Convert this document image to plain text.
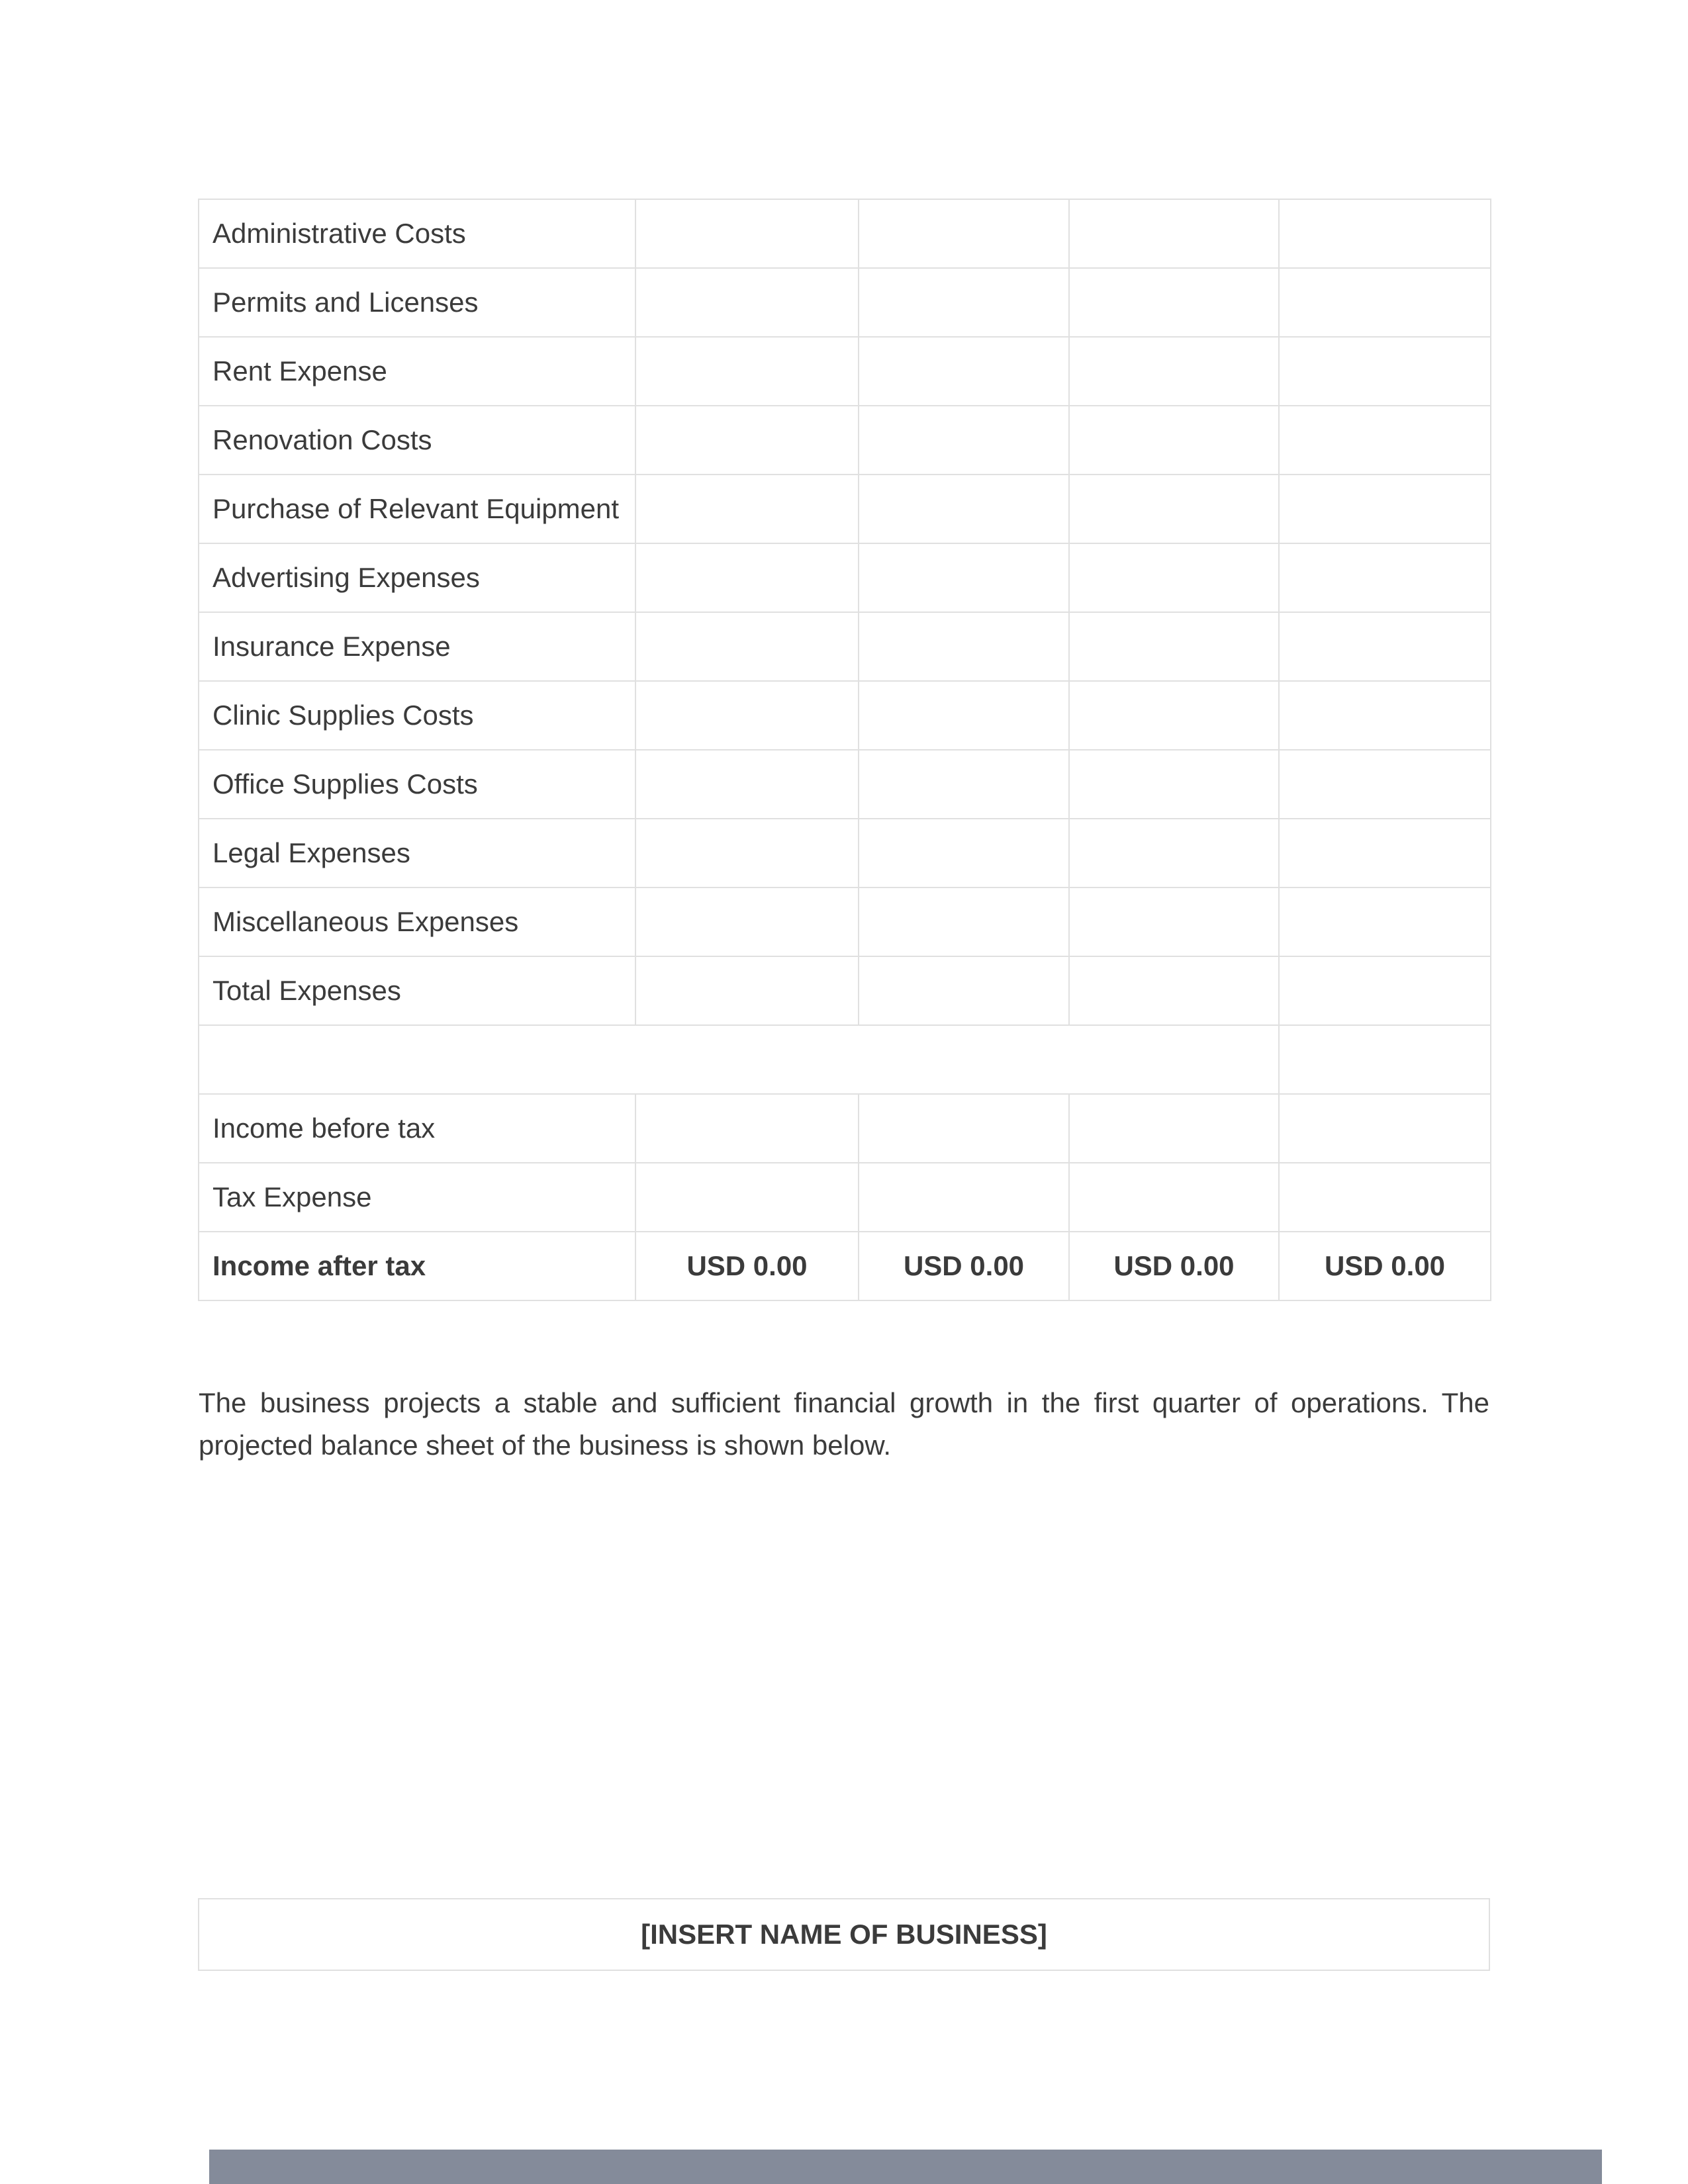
Administrative Costs				
Permits and Licenses				
Rent Expense				
Renovation Costs				
Purchase of Relevant Equipment				
Advertising Expenses				
Insurance Expense				
Clinic Supplies Costs				
Office Supplies Costs				
Legal Expenses				
Miscellaneous Expenses				
Total Expenses				

Income before tax				
Tax Expense				
Income after tax	USD 0.00	USD 0.00	USD 0.00	USD 0.00

The business projects a stable and sufficient financial growth in the first quarter of operations. The projected balance sheet of the business is shown below.

[INSERT NAME OF BUSINESS]
